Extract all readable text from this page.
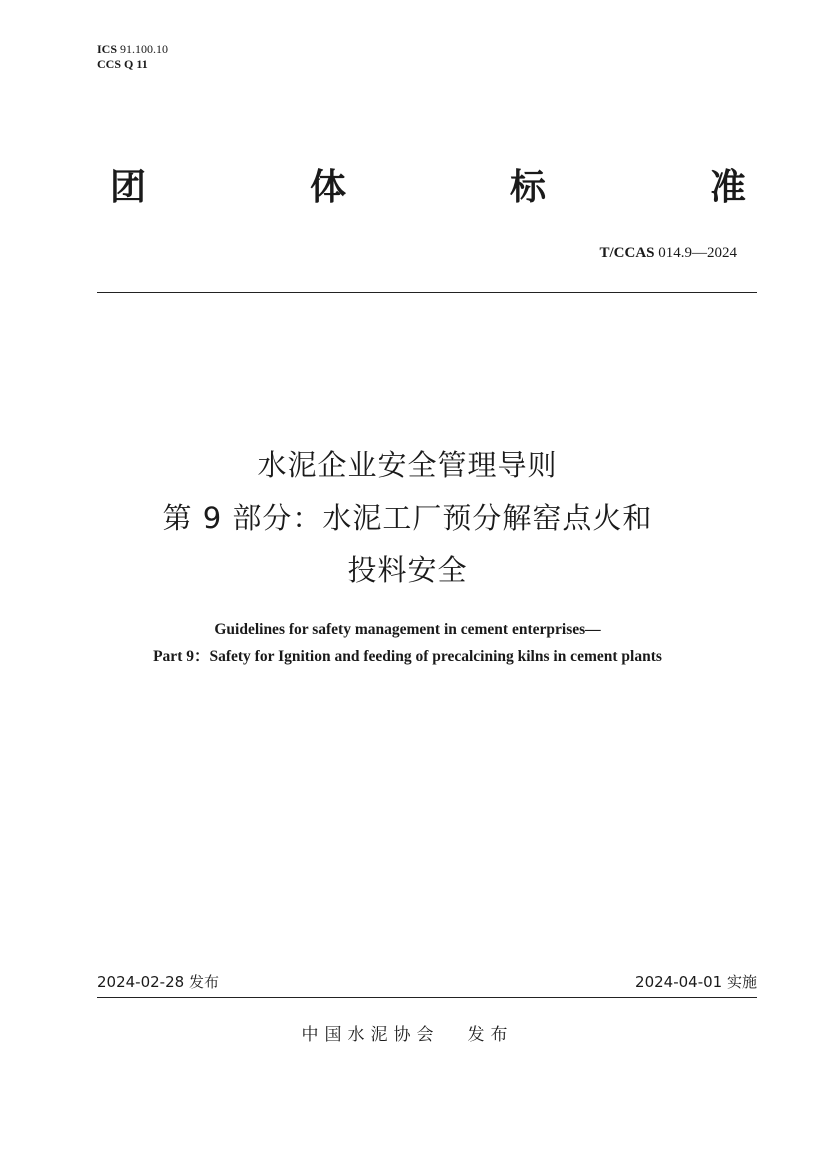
ICS 91.100.10
CCS Q 11
团	体	标	准
T/CCAS 014.9—2024
水泥企业安全管理导则
第 9 部分：水泥工厂预分解窑点火和
投料安全
Guidelines for safety management in cement enterprises—
Part 9：Safety for Ignition and feeding of precalcining kilns in cement plants
2024-02-28 发布	2024-04-01 实施
中国水泥协会 发布
